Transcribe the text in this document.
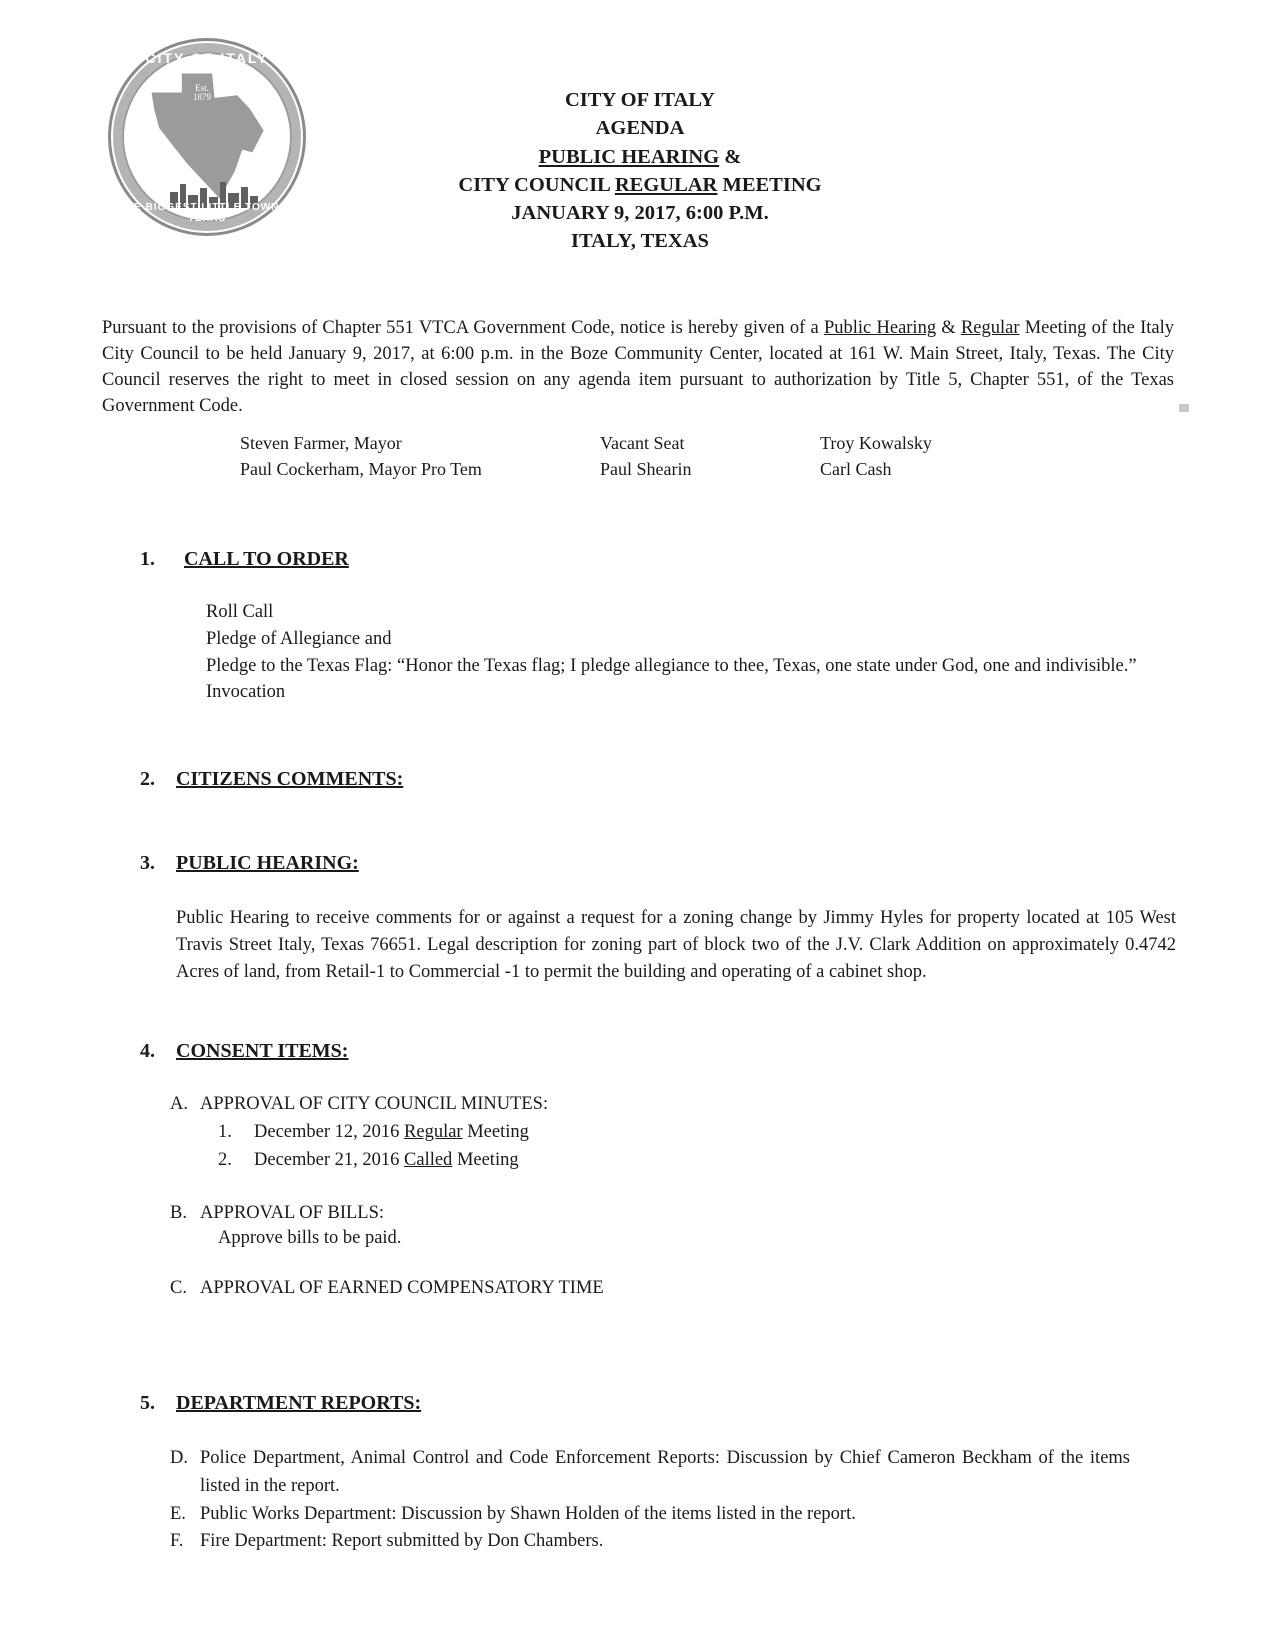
Est.
1879
CITY OF ITALY
THE BIGGEST LITTLE TOWN IN TEXAS
★	★
CITY OF ITALY
AGENDA
PUBLIC HEARING &
CITY COUNCIL REGULAR MEETING
JANUARY 9, 2017, 6:00 P.M.
ITALY, TEXAS

Pursuant to the provisions of Chapter 551 VTCA Government Code, notice is hereby given of a Public Hearing & Regular Meeting of the Italy City Council to be held January 9, 2017, at 6:00 p.m. in the Boze Community Center, located at 161 W. Main Street, Italy, Texas. The City Council reserves the right to meet in closed session on any agenda item pursuant to authorization by Title 5, Chapter 551, of the Texas Government Code.

Steven Farmer, Mayor	Vacant Seat	Troy Kowalsky
Paul Cockerham, Mayor Pro Tem	Paul Shearin	Carl Cash
1.	CALL TO ORDER
Roll Call
Pledge of Allegiance and
Pledge to the Texas Flag: “Honor the Texas flag; I pledge allegiance to thee, Texas, one state under God, one and indivisible.”
Invocation
2.	CITIZENS COMMENTS:
3.	PUBLIC HEARING:
Public Hearing to receive comments for or against a request for a zoning change by Jimmy Hyles for property located at 105 West Travis Street Italy, Texas 76651. Legal description for zoning part of block two of the J.V. Clark Addition on approximately 0.4742 Acres of land, from Retail-1 to Commercial -1 to permit the building and operating of a cabinet shop.
4.	CONSENT ITEMS:
A. APPROVAL OF CITY COUNCIL MINUTES:
1.	December 12, 2016 Regular Meeting
2.	December 21, 2016 Called Meeting
B. APPROVAL OF BILLS:
Approve bills to be paid.
C. APPROVAL OF EARNED COMPENSATORY TIME
5.	DEPARTMENT REPORTS:
D. Police Department, Animal Control and Code Enforcement Reports: Discussion by Chief Cameron Beckham of the items listed in the report.
E. Public Works Department: Discussion by Shawn Holden of the items listed in the report.
F. Fire Department: Report submitted by Don Chambers.
